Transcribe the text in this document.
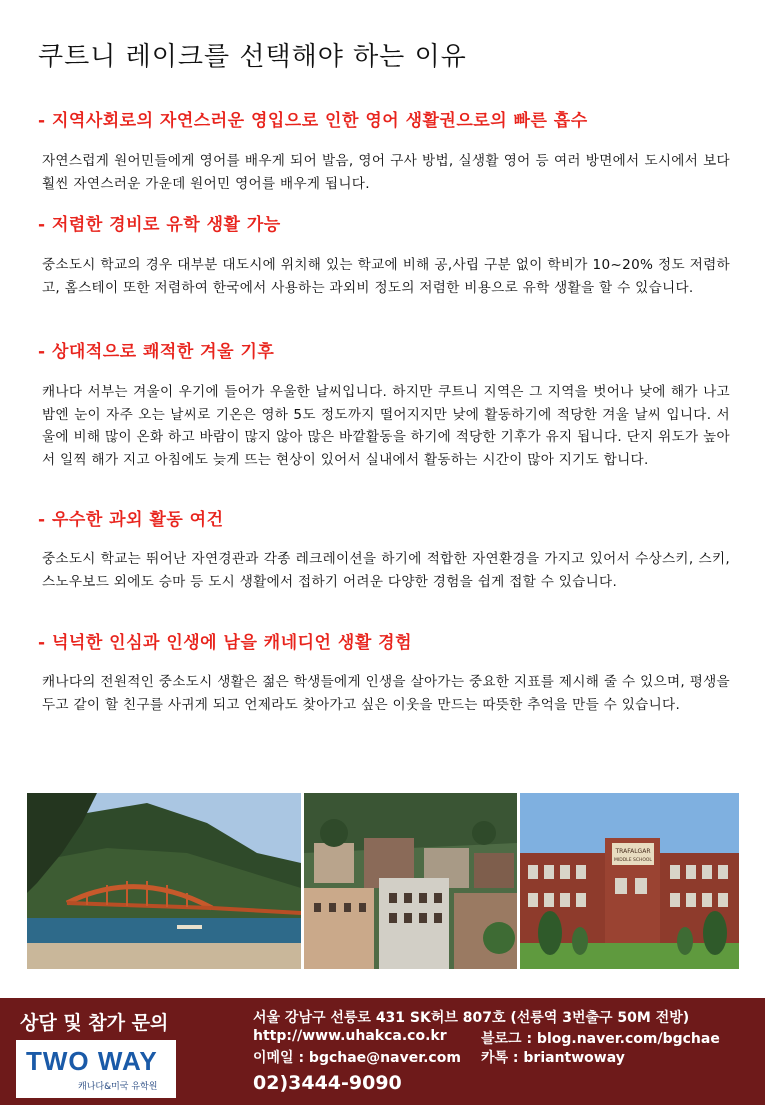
쿠트니 레이크를 선택해야 하는 이유
- 지역사회로의 자연스러운 영입으로 인한 영어 생활권으로의 빠른 흡수
자연스럽게 원어민들에게 영어를 배우게 되어 발음, 영어 구사 방법, 실생활 영어 등 여러 방면에서 도시에서 보다 훨씬 자연스러운 가운데 원어민 영어를 배우게 됩니다.
- 저렴한 경비로 유학 생활 가능
중소도시 학교의 경우 대부분 대도시에 위치해 있는 학교에 비해 공,사립 구분 없이 학비가 10~20% 정도 저렴하고, 홈스테이 또한 저렴하여 한국에서 사용하는 과외비 정도의 저렴한 비용으로 유학 생활을 할 수 있습니다.
- 상대적으로 쾌적한 겨울 기후
캐나다 서부는 겨울이 우기에 들어가 우울한 날씨입니다. 하지만 쿠트니 지역은 그 지역을 벗어나 낮에 해가 나고 밤엔 눈이 자주 오는 날씨로 기온은 영하 5도 정도까지 떨어지지만 낮에 활동하기에 적당한 겨울 날씨 입니다. 서울에 비해 많이 온화 하고 바람이 많지 않아 많은 바깥활동을 하기에 적당한 기후가 유지 됩니다. 단지 위도가 높아서 일찍 해가 지고 아침에도 늦게 뜨는 현상이 있어서 실내에서 활동하는 시간이 많아 지기도 합니다.
- 우수한 과외 활동 여건
중소도시 학교는 뛰어난 자연경관과 각종 레크레이션을 하기에 적합한 자연환경을 가지고 있어서 수상스키, 스키, 스노우보드 외에도 승마 등 도시 생활에서 접하기 어려운 다양한 경험을 쉽게 접할 수 있습니다.
- 넉넉한 인심과 인생에 남을 캐네디언 생활 경험
캐나다의 전원적인 중소도시 생활은 젊은 학생들에게 인생을 살아가는 중요한 지표를 제시해 줄 수 있으며, 평생을 두고 같이 할 친구를 사귀게 되고 언제라도 찾아가고 싶은 이웃을 만드는 따뜻한 추억을 만들 수 있습니다.
TRAFALGAR
MIDDLE SCHOOL
상담 및 참가 문의
TWO WAY
캐나다&미국 유학원
서울 강남구 선릉로 431 SK허브 807호 (선릉역 3번출구 50M 전방)
http://www.uhakca.co.kr 블로그 : blog.naver.com/bgchae
이메일 : bgchae@naver.com 카톡 : briantwoway
02)3444-9090
